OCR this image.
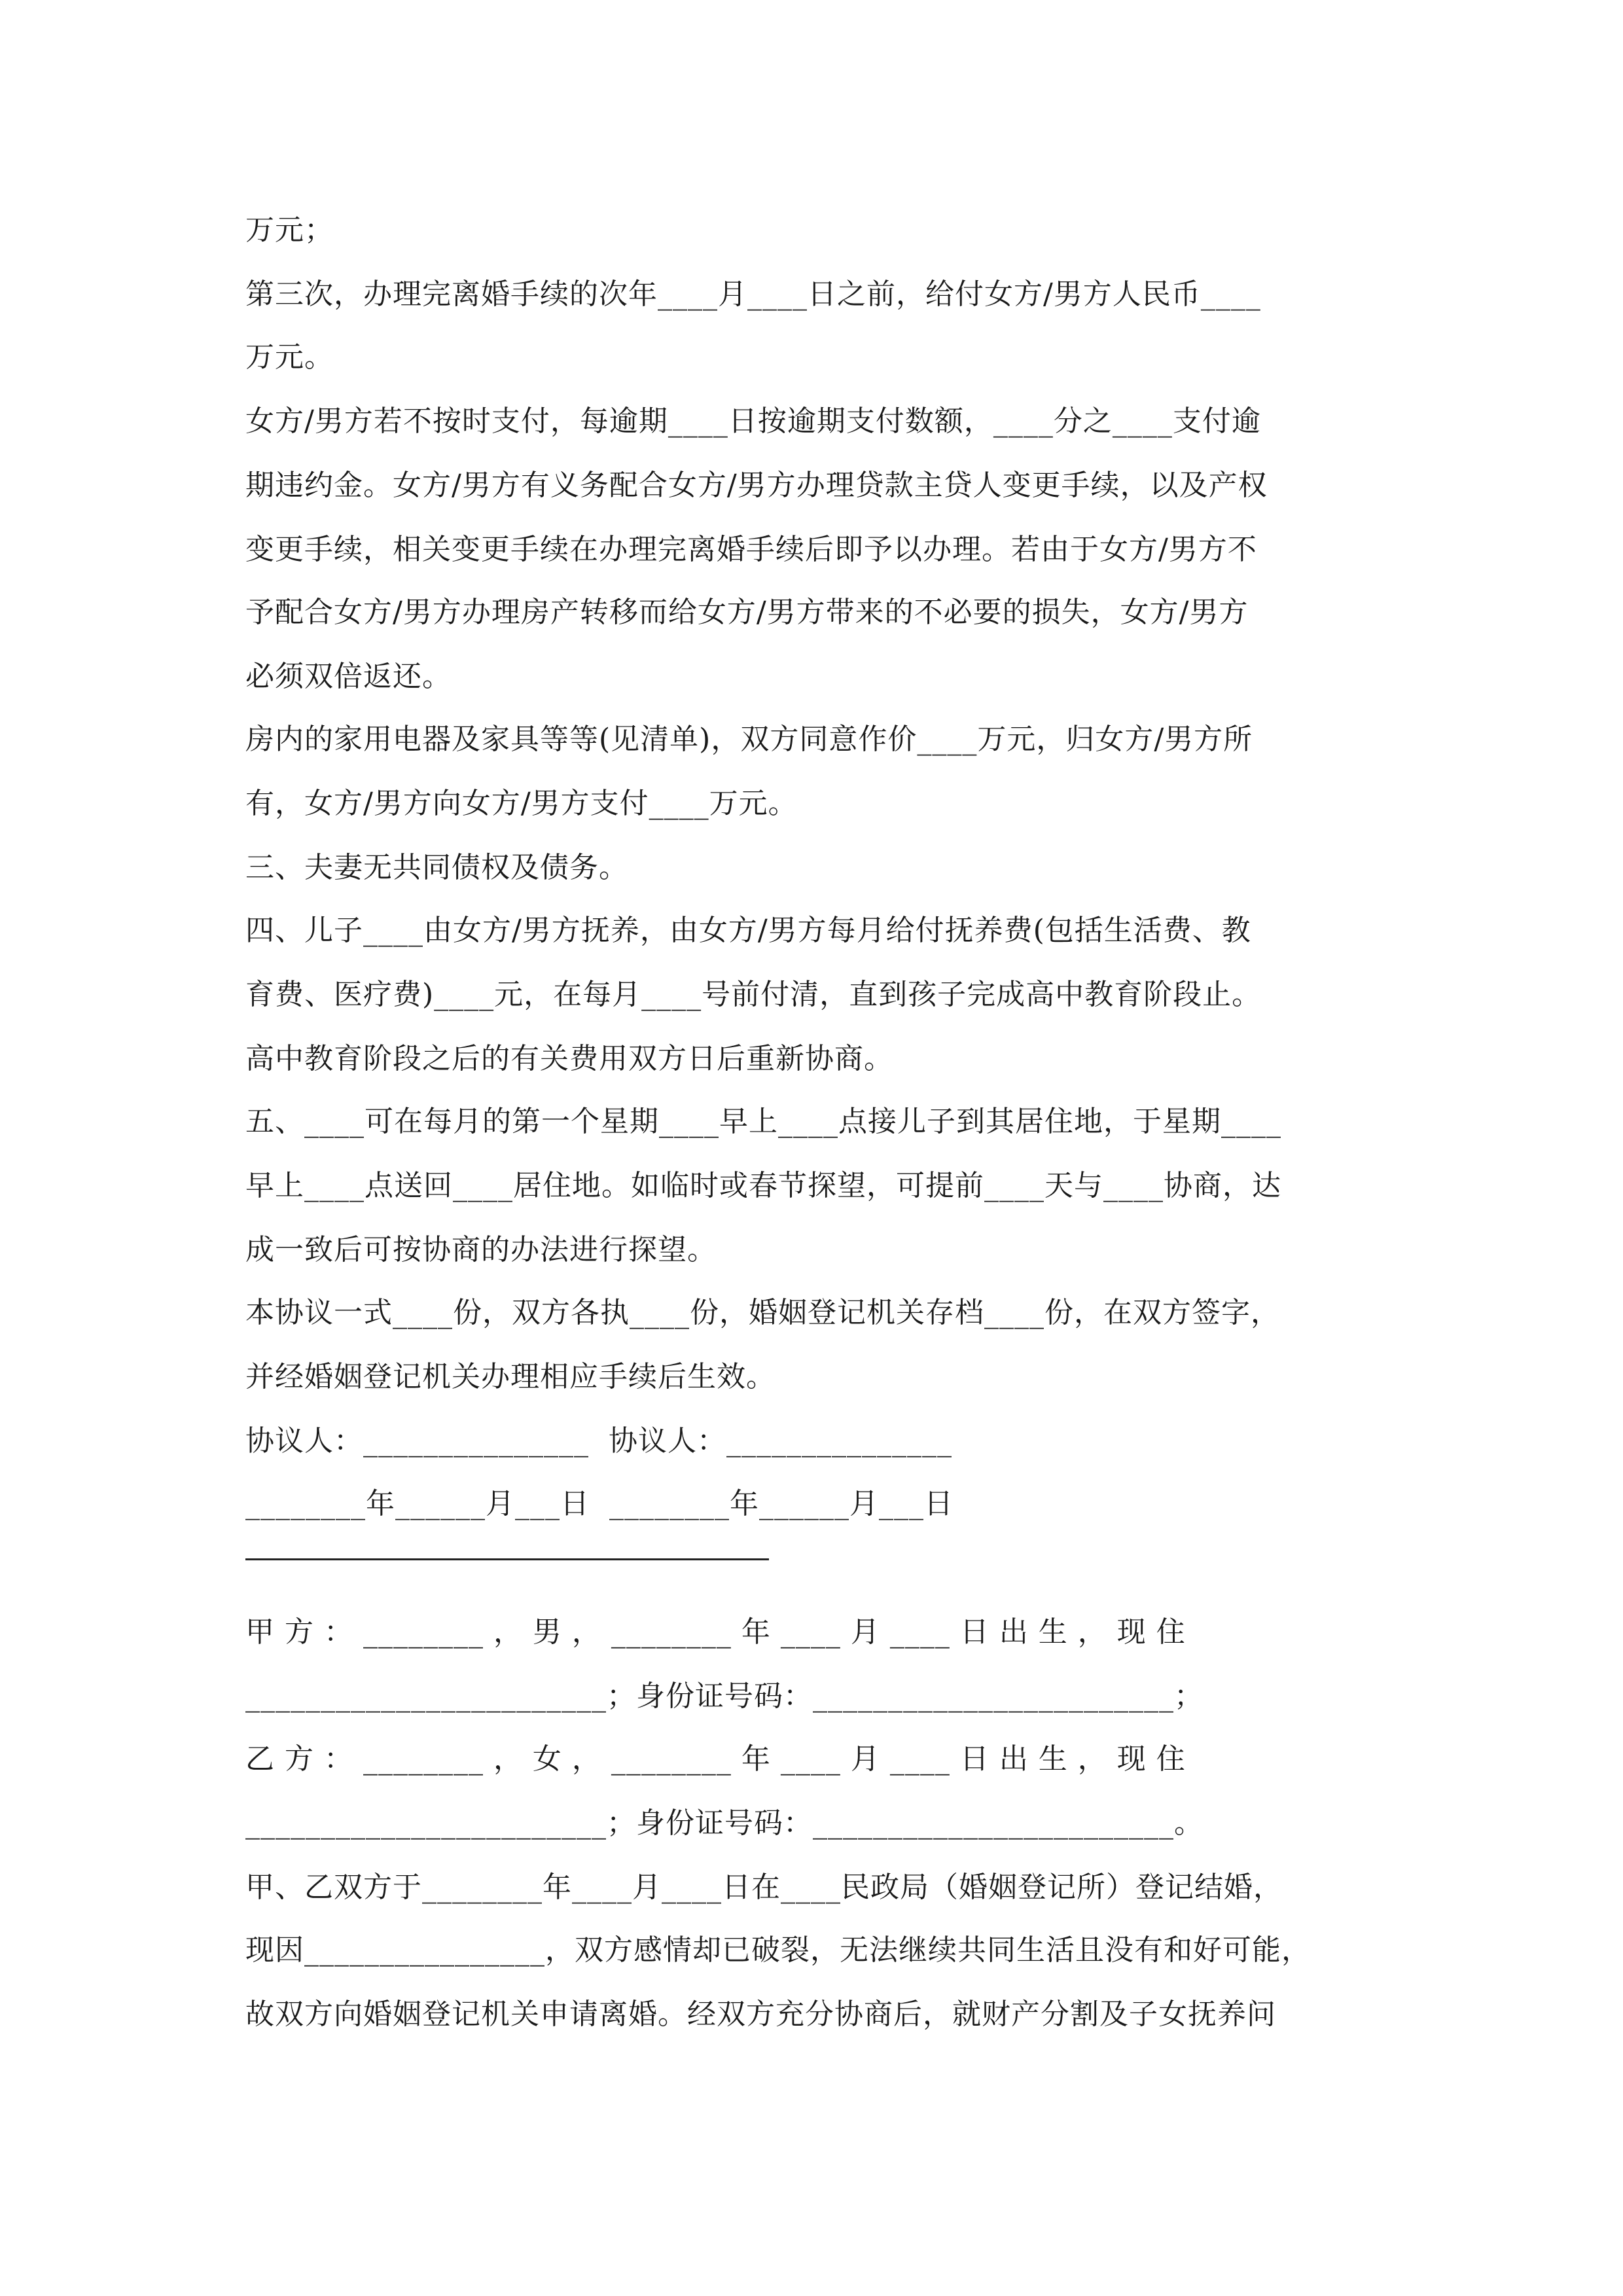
万元；
第三次，办理完离婚手续的次年____月____日之前，给付女方/男方人民币____
万元。
女方/男方若不按时支付，每逾期____日按逾期支付数额，____分之____支付逾
期违约金。女方/男方有义务配合女方/男方办理贷款主贷人变更手续，以及产权
变更手续，相关变更手续在办理完离婚手续后即予以办理。若由于女方/男方不
予配合女方/男方办理房产转移而给女方/男方带来的不必要的损失，女方/男方
必须双倍返还。
房内的家用电器及家具等等(见清单)，双方同意作价____万元，归女方/男方所
有，女方/男方向女方/男方支付____万元。
三、夫妻无共同债权及债务。
四、儿子____由女方/男方抚养，由女方/男方每月给付抚养费(包括生活费、教
育费、医疗费)____元，在每月____号前付清，直到孩子完成高中教育阶段止。
高中教育阶段之后的有关费用双方日后重新协商。
五、____可在每月的第一个星期____早上____点接儿子到其居住地，于星期____
早上____点送回____居住地。如临时或春节探望，可提前____天与____协商，达
成一致后可按协商的办法进行探望。
本协议一式____份，双方各执____份，婚姻登记机关存档____份，在双方签字，
并经婚姻登记机关办理相应手续后生效。
协议人：_______________  协议人：_______________
________年______月___日  ________年______月___日
甲 方 ： ________ ， 男 ， ________ 年 ____ 月 ____ 日 出 生 ， 现 住
________________________；身份证号码：________________________；
乙 方 ： ________ ， 女 ， ________ 年 ____ 月 ____ 日 出 生 ， 现 住
________________________；身份证号码：________________________。
甲、乙双方于________年____月____日在____民政局（婚姻登记所）登记结婚，
现因________________，双方感情却已破裂，无法继续共同生活且没有和好可能，
故双方向婚姻登记机关申请离婚。经双方充分协商后，就财产分割及子女抚养问
